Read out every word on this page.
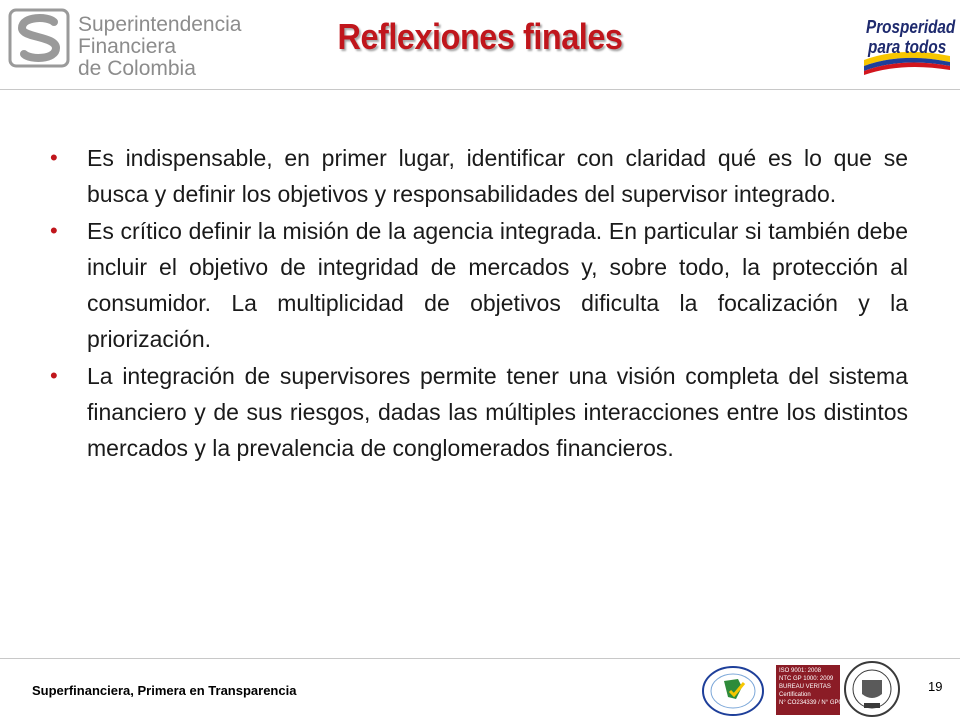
Superintendencia
Financiera
de Colombia
Reflexiones finales	Prosperidad
para todos
• Es indispensable, en primer lugar, identificar con claridad qué es lo que se busca y definir los objetivos y responsabilidades del supervisor integrado.
• Es crítico definir la misión de la agencia integrada. En particular si también debe incluir el objetivo de integridad de mercados y, sobre todo, la protección al consumidor. La multiplicidad de objetivos dificulta la focalización y la priorización.
• La integración de supervisores permite tener una visión completa del sistema financiero y de sus riesgos, dadas las múltiples interacciones entre los distintos mercados y la prevalencia de conglomerados financieros.
Superfinanciera, Primera en Transparencia
ISO 9001: 2008
NTC GP 1000: 2009
BUREAU VERITAS
Certification
N° CO234339 / N° GP053
19
